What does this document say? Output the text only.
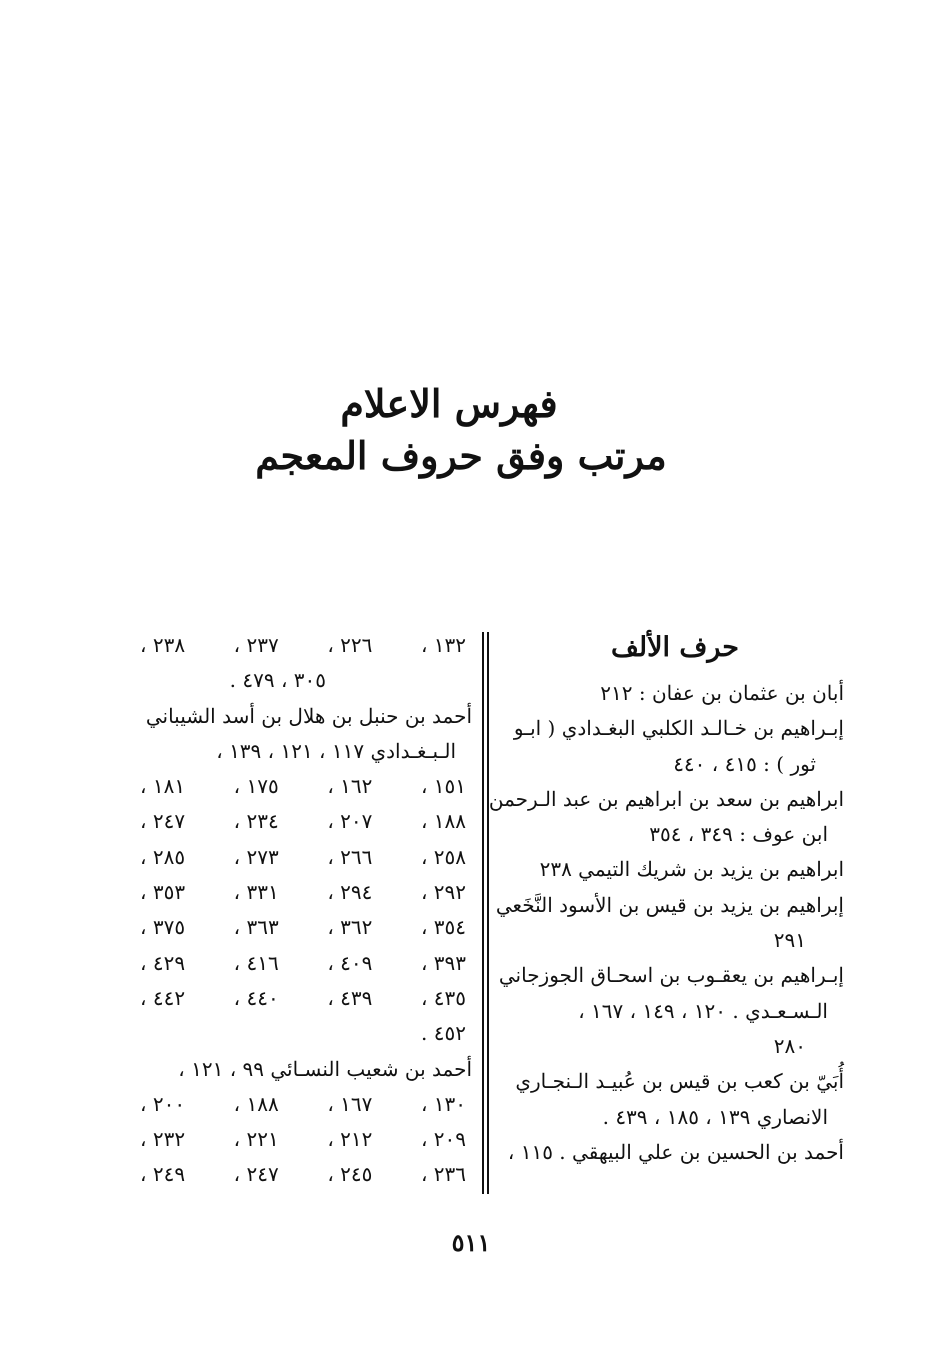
فهرس الاعلام
مرتب وفق حروف المعجم
حرف الألف
أبان بن عثمان بن عفان : ٢١٢
إبـراهيم بن خـالـد الكلبي البغـدادي ( ابـو
ثور ) : ٤١٥ ، ٤٤٠
ابراهيم بن سعد بن ابراهيم بن عبد الـرحمن
ابن عوف : ٣٤٩ ، ٣٥٤
ابراهيم بن يزيد بن شريك التيمي ٢٣٨
إبراهيم بن يزيد بن قيس بن الأسود النَّخَعي
٢٩١
إبـراهيم بن يعقـوب بن اسحـاق الجوزجاني
الـسـعـدي . ١٢٠ ، ١٤٩ ، ١٦٧ ،
٢٨٠
أُبَيّ بن كعب بن قيس بن عُبيـد الـنجـاري
الانصاري ١٣٩ ، ١٨٥ ، ٤٣٩ .
أحمد بن الحسين بن علي البيهقي . ١١٥ ،
١٣٢ ،
٢٢٦ ،
٢٣٧ ،
٢٣٨ ،
٣٠٥ ، ٤٧٩ .
أحمد بن حنبل بن هلال بن أسد الشيباني
الـبـغـدادي ١١٧ ، ١٢١ ، ١٣٩ ،
١٥١ ،
١٦٢ ،
١٧٥ ،
١٨١ ،
١٨٨ ،
٢٠٧ ،
٢٣٤ ،
٢٤٧ ،
٢٥٨ ،
٢٦٦ ،
٢٧٣ ،
٢٨٥ ،
٢٩٢ ،
٢٩٤ ،
٣٣١ ،
٣٥٣ ،
٣٥٤ ،
٣٦٢ ،
٣٦٣ ،
٣٧٥ ،
٣٩٣ ،
٤٠٩ ،
٤١٦ ،
٤٢٩ ،
٤٣٥ ،
٤٣٩ ،
٤٤٠ ،
٤٤٢ ،
٤٥٢ .
أحمد بن شعيب النسـائي ٩٩ ، ١٢١ ،
١٣٠ ،
١٦٧ ،
١٨٨ ،
٢٠٠ ،
٢٠٩ ،
٢١٢ ،
٢٢١ ،
٢٣٢ ،
٢٣٦ ،
٢٤٥ ،
٢٤٧ ،
٢٤٩ ،
٥١١
